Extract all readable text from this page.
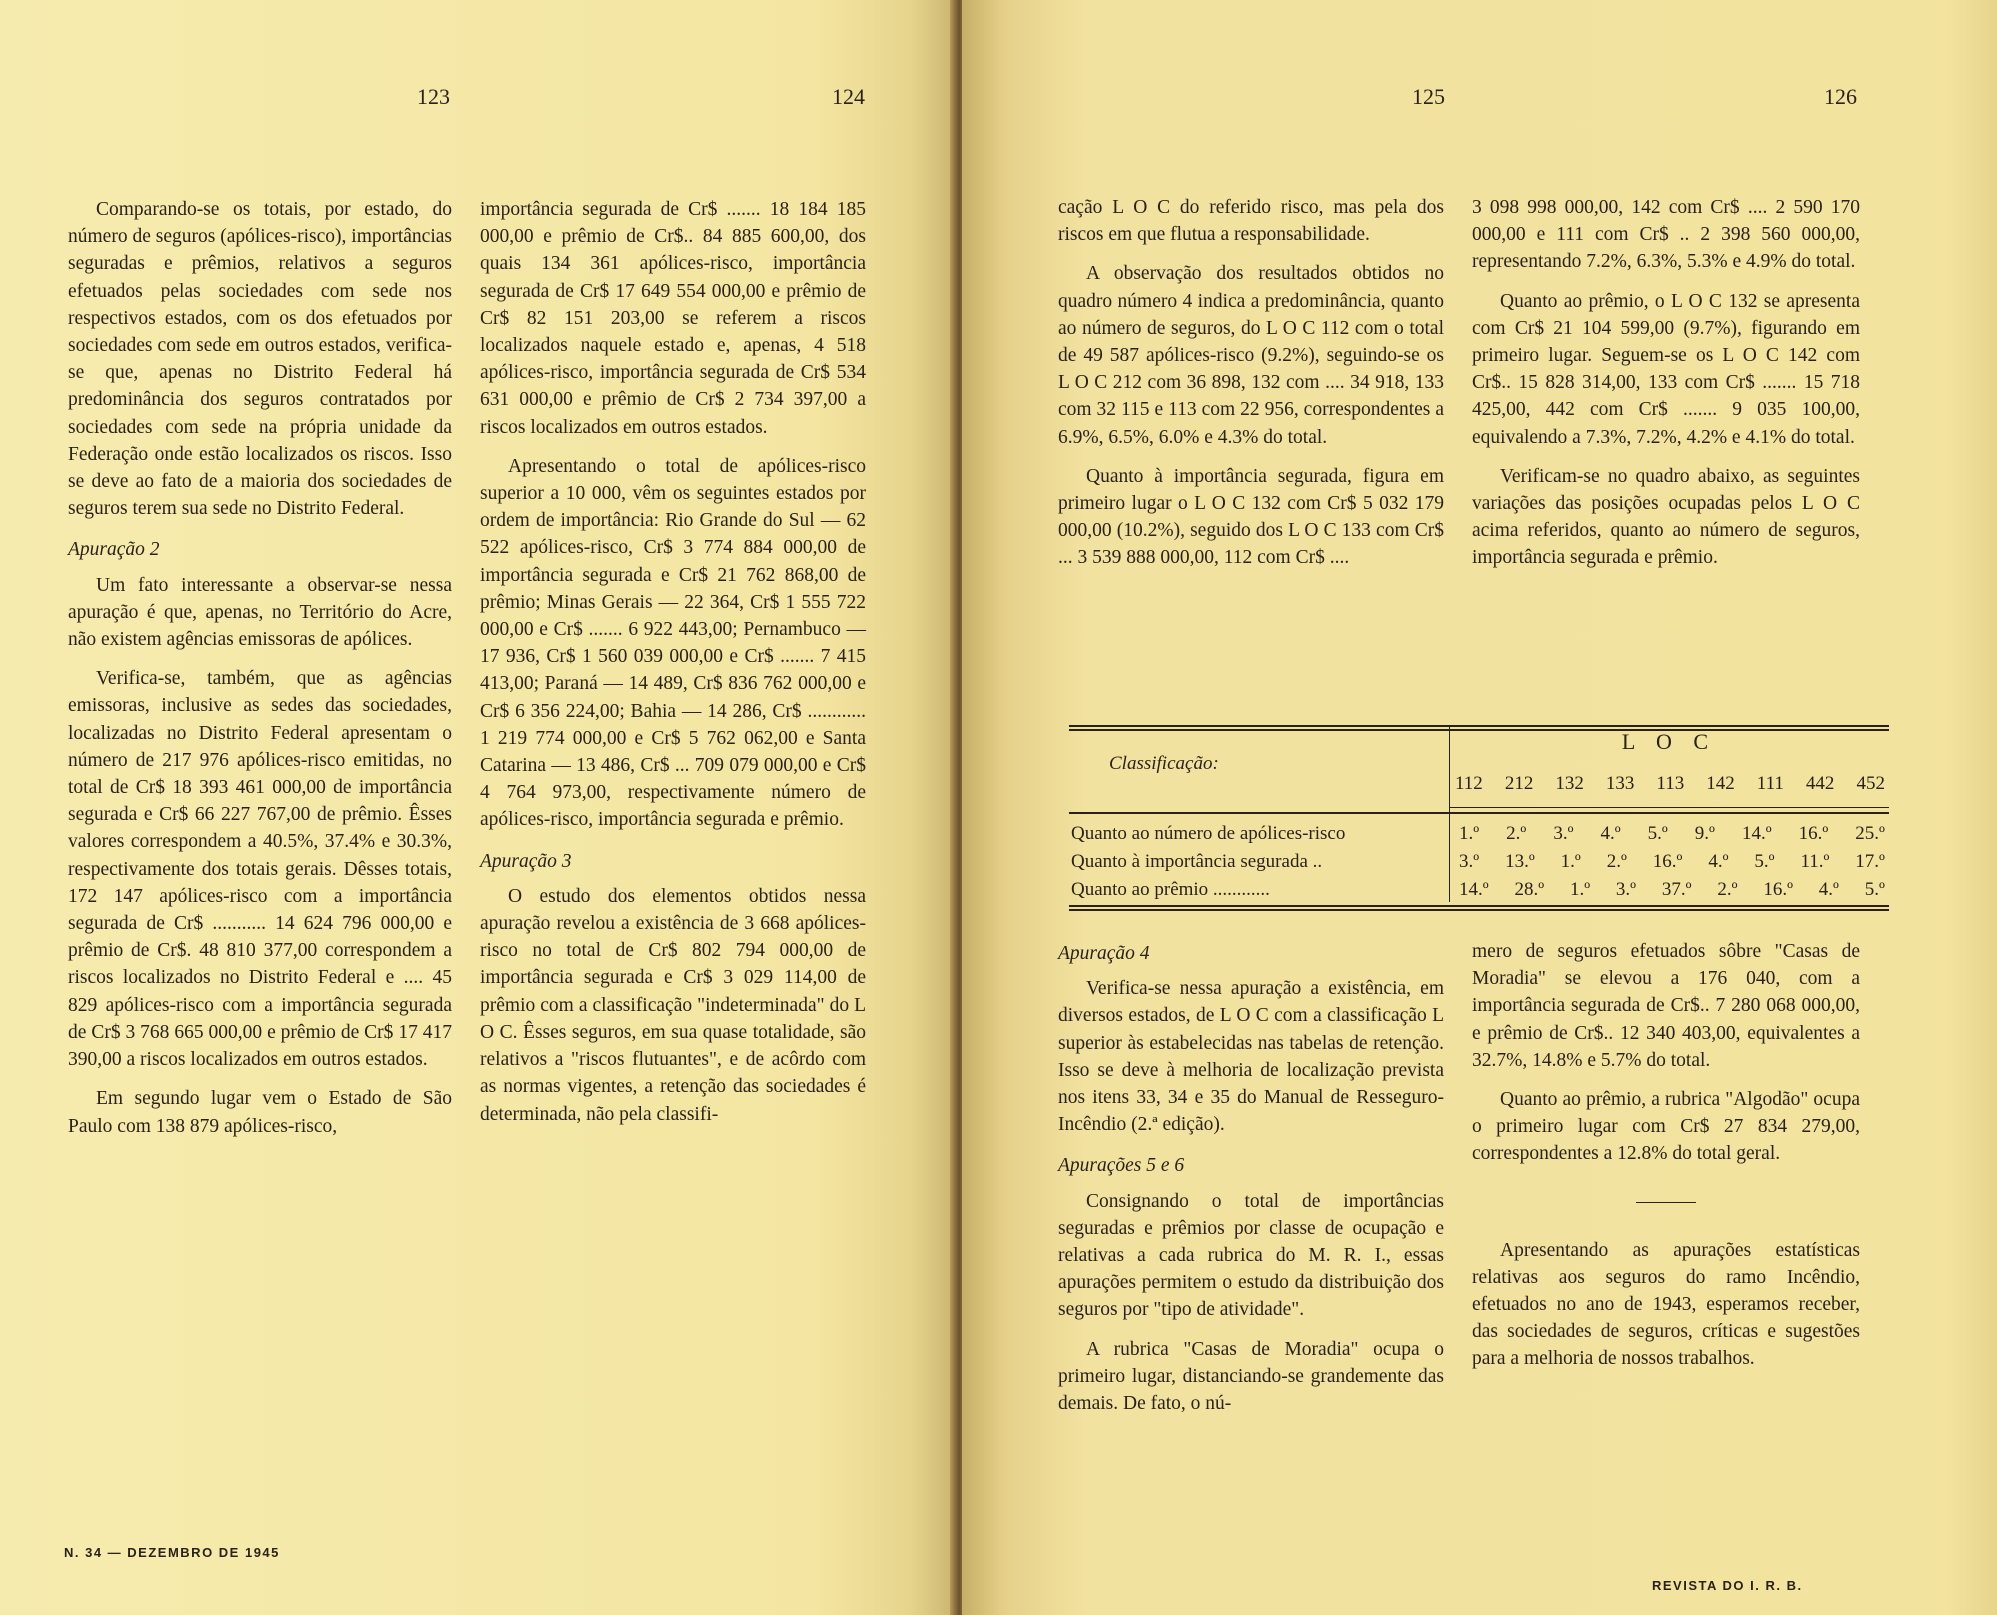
123	124

Comparando-se os totais, por estado, do número de seguros (apólices-risco), importâncias seguradas e prêmios, relativos a seguros efetuados pelas sociedades com sede nos respectivos estados, com os dos efetuados por sociedades com sede em outros estados, verifica-se que, apenas no Distrito Federal há predominância dos seguros contratados por sociedades com sede na própria unidade da Federação onde estão localizados os riscos. Isso se deve ao fato de a maioria dos sociedades de seguros terem sua sede no Distrito Federal.

Apuração 2

Um fato interessante a observar-se nessa apuração é que, apenas, no Território do Acre, não existem agências emissoras de apólices.

Verifica-se, também, que as agências emissoras, inclusive as sedes das sociedades, localizadas no Distrito Federal apresentam o número de 217 976 apólices-risco emitidas, no total de Cr$ 18 393 461 000,00 de importância segurada e Cr$ 66 227 767,00 de prêmio. Êsses valores correspondem a 40.5%, 37.4% e 30.3%, respectivamente dos totais gerais. Dêsses totais, 172 147 apólices-risco com a importância segurada de Cr$ ........... 14 624 796 000,00 e prêmio de Cr$. 48 810 377,00 correspondem a riscos localizados no Distrito Federal e .... 45 829 apólices-risco com a importância segurada de Cr$ 3 768 665 000,00 e prêmio de Cr$ 17 417 390,00 a riscos localizados em outros estados.

Em segundo lugar vem o Estado de São Paulo com 138 879 apólices-risco,

importância segurada de Cr$ ....... 18 184 185 000,00 e prêmio de Cr$.. 84 885 600,00, dos quais 134 361 apólices-risco, importância segurada de Cr$ 17 649 554 000,00 e prêmio de Cr$ 82 151 203,00 se referem a riscos localizados naquele estado e, apenas, 4 518 apólices-risco, importância segurada de Cr$ 534 631 000,00 e prêmio de Cr$ 2 734 397,00 a riscos localizados em outros estados.

Apresentando o total de apólices-risco superior a 10 000, vêm os seguintes estados por ordem de importância: Rio Grande do Sul — 62 522 apólices-risco, Cr$ 3 774 884 000,00 de importância segurada e Cr$ 21 762 868,00 de prêmio; Minas Gerais — 22 364, Cr$ 1 555 722 000,00 e Cr$ ....... 6 922 443,00; Pernambuco — 17 936, Cr$ 1 560 039 000,00 e Cr$ ....... 7 415 413,00; Paraná — 14 489, Cr$ 836 762 000,00 e Cr$ 6 356 224,00; Bahia — 14 286, Cr$ ............ 1 219 774 000,00 e Cr$ 5 762 062,00 e Santa Catarina — 13 486, Cr$ ... 709 079 000,00 e Cr$ 4 764 973,00, respectivamente número de apólices-risco, importância segurada e prêmio.

Apuração 3

O estudo dos elementos obtidos nessa apuração revelou a existência de 3 668 apólices-risco no total de Cr$ 802 794 000,00 de importância segurada e Cr$ 3 029 114,00 de prêmio com a classificação "indeterminada" do L O C. Êsses seguros, em sua quase totalidade, são relativos a "riscos flutuantes", e de acôrdo com as normas vigentes, a retenção das sociedades é determinada, não pela classifi-

N. 34 — DEZEMBRO DE 1945
125	126

cação L O C do referido risco, mas pela dos riscos em que flutua a responsabilidade.

A observação dos resultados obtidos no quadro número 4 indica a predominância, quanto ao número de seguros, do L O C 112 com o total de 49 587 apólices-risco (9.2%), seguindo-se os L O C 212 com 36 898, 132 com .... 34 918, 133 com 32 115 e 113 com 22 956, correspondentes a 6.9%, 6.5%, 6.0% e 4.3% do total.

Quanto à importância segurada, figura em primeiro lugar o L O C 132 com Cr$ 5 032 179 000,00 (10.2%), seguido dos L O C 133 com Cr$ ... 3 539 888 000,00, 112 com Cr$ ....

3 098 998 000,00, 142 com Cr$ .... 2 590 170 000,00 e 111 com Cr$ .. 2 398 560 000,00, representando 7.2%, 6.3%, 5.3% e 4.9% do total.

Quanto ao prêmio, o L O C 132 se apresenta com Cr$ 21 104 599,00 (9.7%), figurando em primeiro lugar. Seguem-se os L O C 142 com Cr$.. 15 828 314,00, 133 com Cr$ ....... 15 718 425,00, 442 com Cr$ ....... 9 035 100,00, equivalendo a 7.3%, 7.2%, 4.2% e 4.1% do total.

Verificam-se no quadro abaixo, as seguintes variações das posições ocupadas pelos L O C acima referidos, quanto ao número de seguros, importância segurada e prêmio.

Classificação:
L O C
112 212 132 133 113 142 111 442 452
Quanto ao número de apólices-risco	1.º 2.º 3.º 4.º 5.º 9.º 14.º 16.º 25.º
Quanto à importância segurada ..	3.º 13.º 1.º 2.º 16.º 4.º 5.º 11.º 17.º
Quanto ao prêmio ............	14.º 28.º 1.º 3.º 37.º 2.º 16.º 4.º 5.º
Apuração 4

Verifica-se nessa apuração a existência, em diversos estados, de L O C com a classificação L superior às estabelecidas nas tabelas de retenção. Isso se deve à melhoria de localização prevista nos itens 33, 34 e 35 do Manual de Resseguro-Incêndio (2.ª edição).

Apurações 5 e 6

Consignando o total de importâncias seguradas e prêmios por classe de ocupação e relativas a cada rubrica do M. R. I., essas apurações permitem o estudo da distribuição dos seguros por "tipo de atividade".

A rubrica "Casas de Moradia" ocupa o primeiro lugar, distanciando-se grandemente das demais. De fato, o nú-

mero de seguros efetuados sôbre "Casas de Moradia" se elevou a 176 040, com a importância segurada de Cr$.. 7 280 068 000,00, e prêmio de Cr$.. 12 340 403,00, equivalentes a 32.7%, 14.8% e 5.7% do total.

Quanto ao prêmio, a rubrica "Algodão" ocupa o primeiro lugar com Cr$ 27 834 279,00, correspondentes a 12.8% do total geral.

Apresentando as apurações estatísticas relativas aos seguros do ramo Incêndio, efetuados no ano de 1943, esperamos receber, das sociedades de seguros, críticas e sugestões para a melhoria de nossos trabalhos.

REVISTA DO I. R. B.
